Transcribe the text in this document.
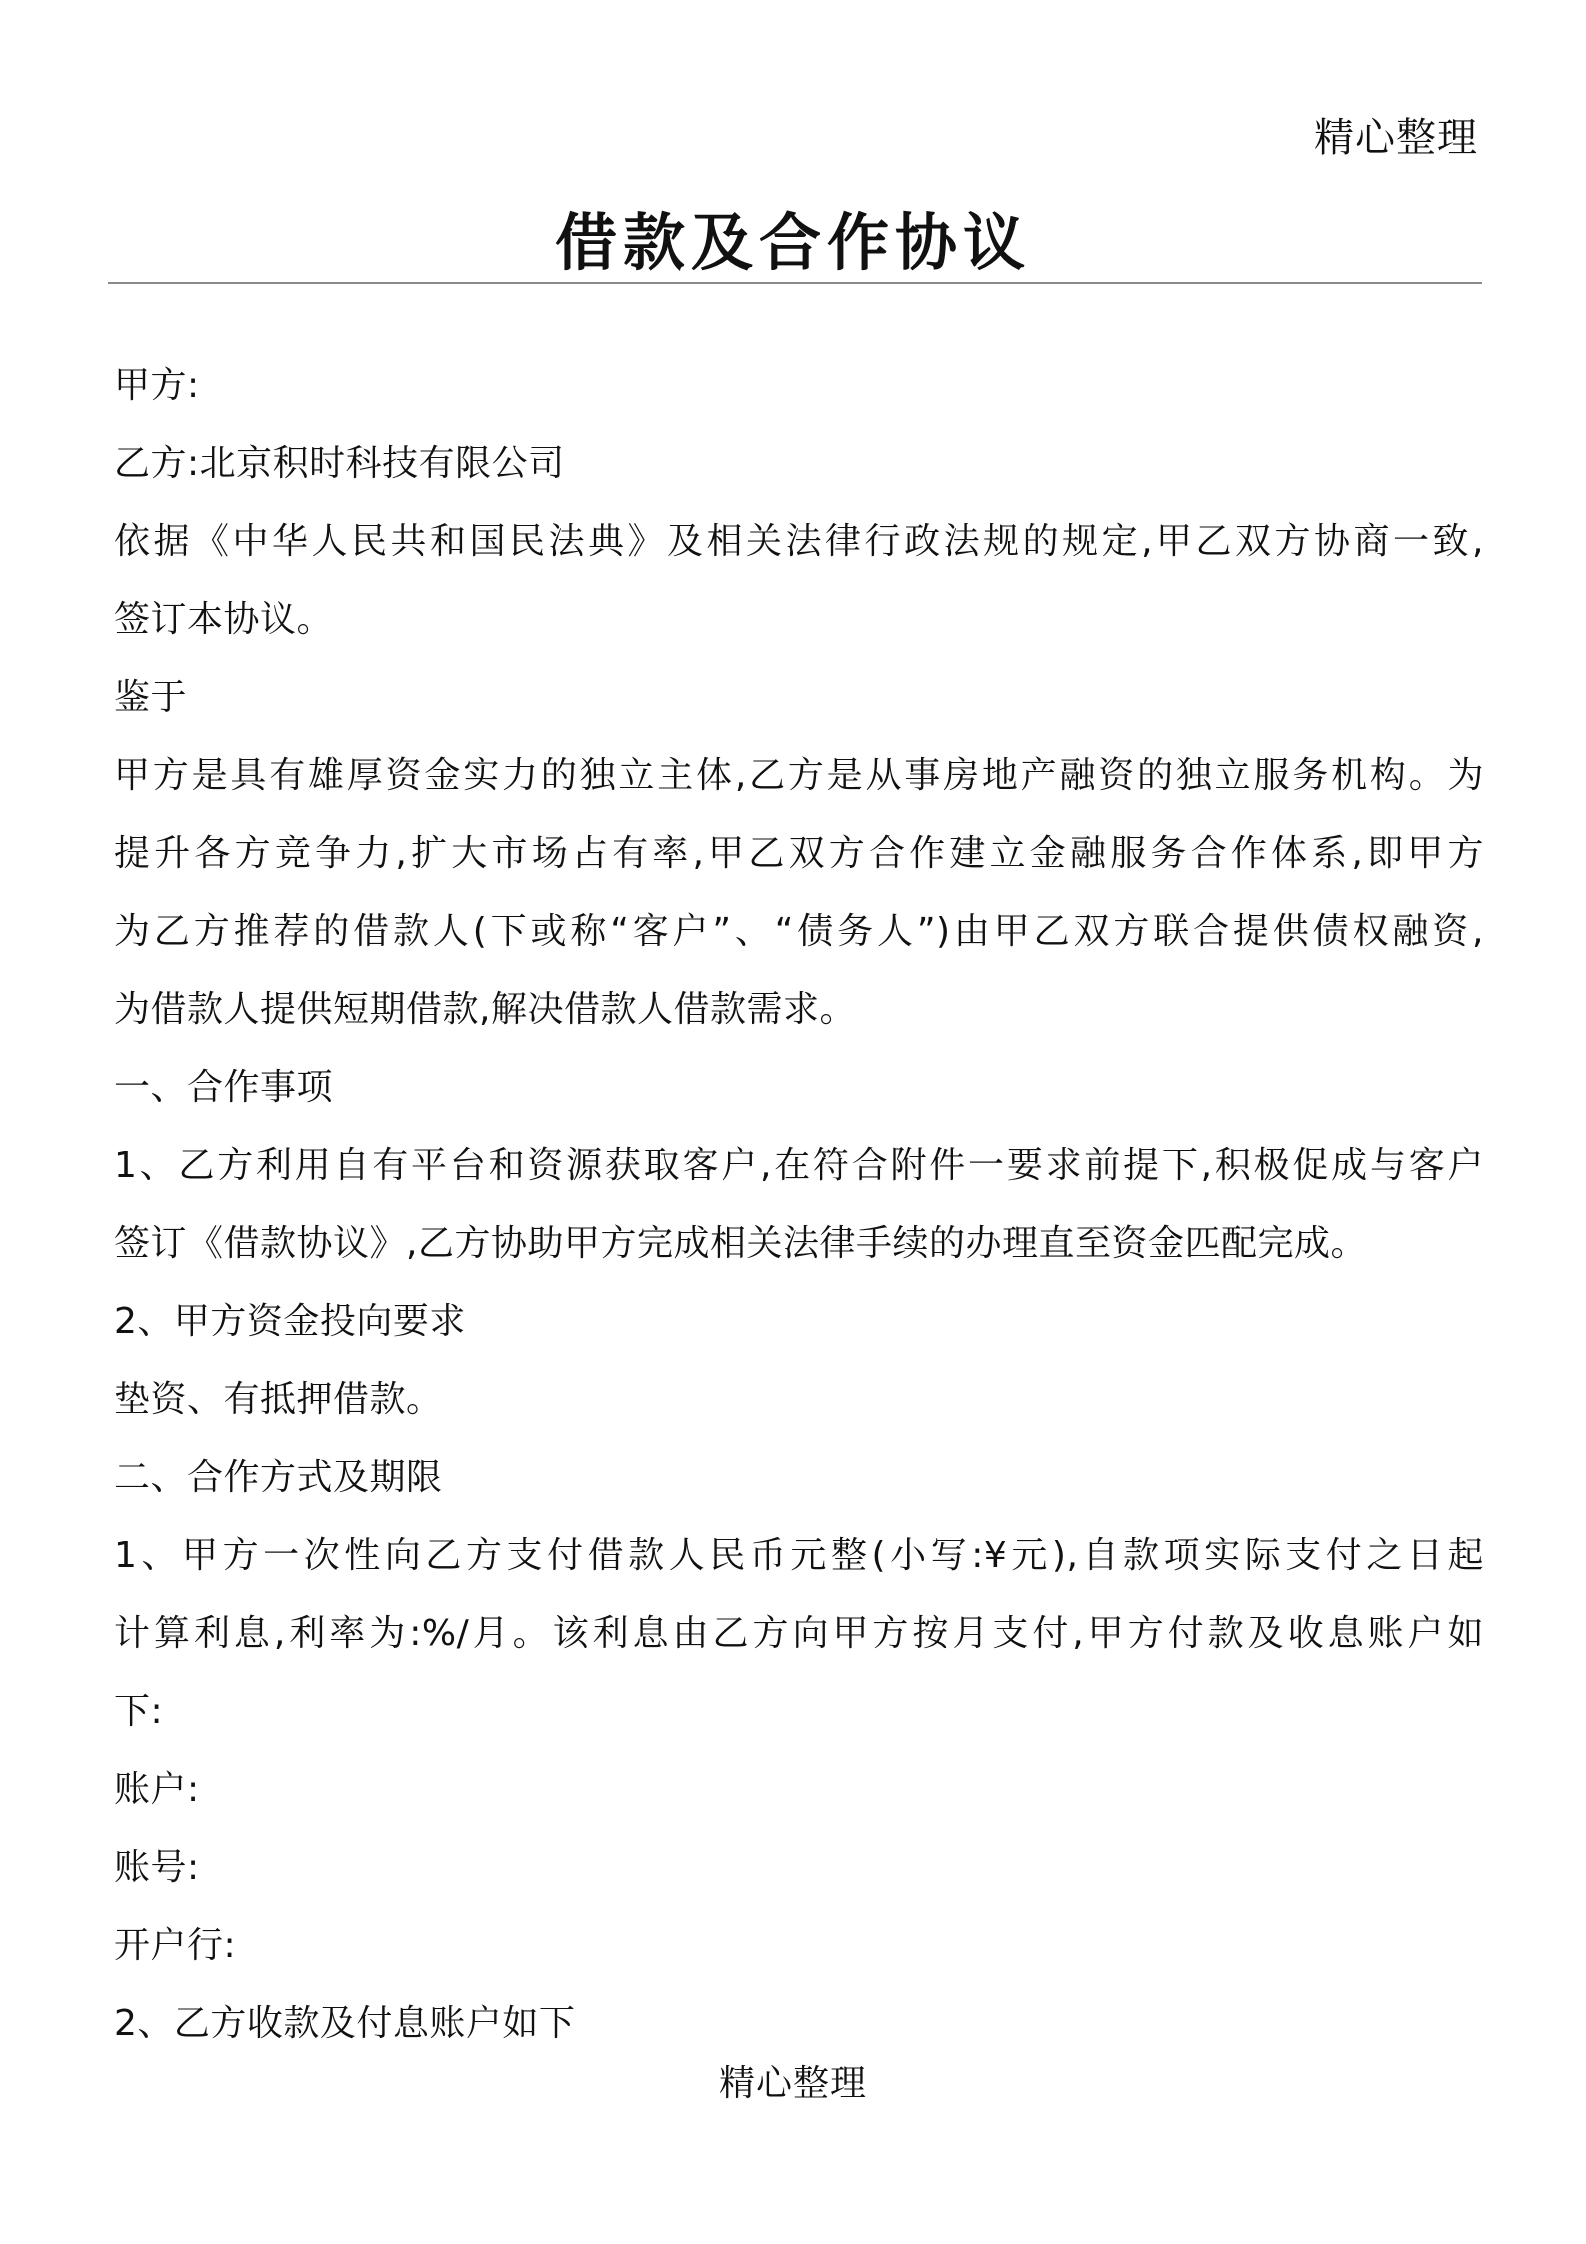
精心整理
借款及合作协议
甲方:
乙方:北京积时科技有限公司
依据《中华人民共和国民法典》及相关法律行政法规的规定,甲乙双方协商一致,
签订本协议。
鉴于
甲方是具有雄厚资金实力的独立主体,乙方是从事房地产融资的独立服务机构。为
提升各方竞争力,扩大市场占有率,甲乙双方合作建立金融服务合作体系,即甲方
为乙方推荐的借款人(下或称“客户”、“债务人”)由甲乙双方联合提供债权融资,
为借款人提供短期借款,解决借款人借款需求。
一、合作事项
1、乙方利用自有平台和资源获取客户,在符合附件一要求前提下,积极促成与客户
签订《借款协议》,乙方协助甲方完成相关法律手续的办理直至资金匹配完成。
2、甲方资金投向要求
垫资、有抵押借款。
二、合作方式及期限
1、甲方一次性向乙方支付借款人民币元整(小写:¥元),自款项实际支付之日起
计算利息,利率为:%/月。该利息由乙方向甲方按月支付,甲方付款及收息账户如
下:
账户:
账号:
开户行:
2、乙方收款及付息账户如下
精心整理
